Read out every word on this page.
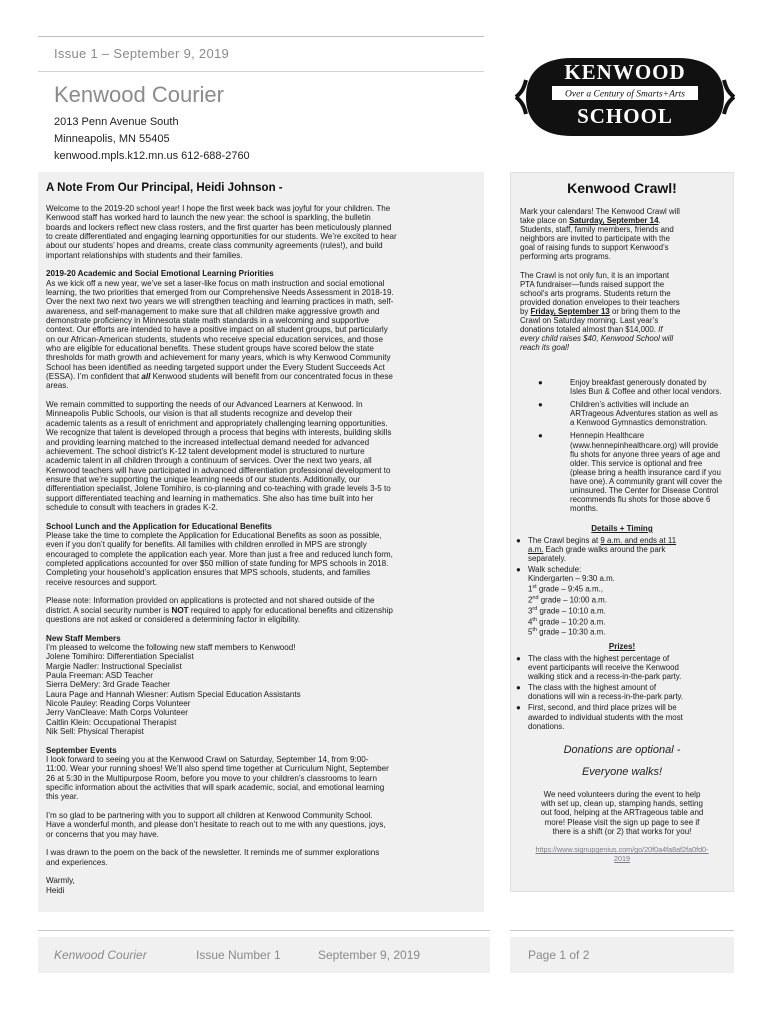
Issue 1 – September 9, 2019
Kenwood Courier
2013 Penn Avenue South
Minneapolis, MN 55405
kenwood.mpls.k12.mn.us 612-688-2760
KENWOOD
Over a Century of Smarts+Arts
SCHOOL
A Note From Our Principal, Heidi Johnson -

Welcome to the 2019-20 school year! I hope the first week back was joyful for your children. The
Kenwood staff has worked hard to launch the new year: the school is sparkling, the bulletin
boards and lockers reflect new class rosters, and the first quarter has been meticulously planned
to create differentiated and engaging learning opportunities for our students. We’re excited to hear
about our students’ hopes and dreams, create class community agreements (rules!), and build
important relationships with students and their families.

2019-20 Academic and Social Emotional Learning Priorities
As we kick off a new year, we’ve set a laser-like focus on math instruction and social emotional
learning, the two priorities that emerged from our Comprehensive Needs Assessment in 2018-19.
Over the next two next two years we will strengthen teaching and learning practices in math, self-
awareness, and self-management to make sure that all children make aggressive growth and
demonstrate proficiency in Minnesota state math standards in a welcoming and supportive
context. Our efforts are intended to have a positive impact on all student groups, but particularly
on our African-American students, students who receive special education services, and those
who are eligible for educational benefits. These student groups have scored below the state
thresholds for math growth and achievement for many years, which is why Kenwood Community
School has been identified as needing targeted support under the Every Student Succeeds Act
(ESSA). I’m confident that all Kenwood students will benefit from our concentrated focus in these
areas.

We remain committed to supporting the needs of our Advanced Learners at Kenwood. In
Minneapolis Public Schools, our vision is that all students recognize and develop their
academic talents as a result of enrichment and appropriately challenging learning opportunities.
We recognize that talent is developed through a process that begins with interests, building skills
and providing learning matched to the increased intellectual demand needed for advanced
achievement. The school district’s K-12 talent development model is structured to nurture
academic talent in all children through a continuum of services. Over the next two years, all
Kenwood teachers will have participated in advanced differentiation professional development to
ensure that we’re supporting the unique learning needs of our students. Additionally, our
differentiation specialist, Jolene Tomihiro, is co-planning and co-teaching with grade levels 3-5 to
support differentiated teaching and learning in mathematics. She also has time built into her
schedule to consult with teachers in grades K-2.

School Lunch and the Application for Educational Benefits
Please take the time to complete the Application for Educational Benefits as soon as possible,
even if you don’t qualify for benefits. All families with children enrolled in MPS are strongly
encouraged to complete the application each year. More than just a free and reduced lunch form,
completed applications accounted for over $50 million of state funding for MPS schools in 2018.
Completing your household’s application ensures that MPS schools, students, and families
receive resources and support.

Please note: Information provided on applications is protected and not shared outside of the
district. A social security number is NOT required to apply for educational benefits and citizenship
questions are not asked or considered a determining factor in eligibility.

New Staff Members
I’m pleased to welcome the following new staff members to Kenwood!
Jolene Tomihiro: Differentiation Specialist
Margie Nadler: Instructional Specialist
Paula Freeman: ASD Teacher
Sierra DeMery: 3rd Grade Teacher
Laura Page and Hannah Wiesner: Autism Special Education Assistants
Nicole Pauley: Reading Corps Volunteer
Jerry VanCleave: Math Corps Volunteer
Caitlin Klein: Occupational Therapist
Nik Sell: Physical Therapist

September Events
I look forward to seeing you at the Kenwood Crawl on Saturday, September 14, from 9:00-
11:00. Wear your running shoes! We’ll also spend time together at Curriculum Night, September
26 at 5:30 in the Multipurpose Room, before you move to your children’s classrooms to learn
specific information about the activities that will spark academic, social, and emotional learning
this year.

I’m so glad to be partnering with you to support all children at Kenwood Community School.
Have a wonderful month, and please don’t hesitate to reach out to me with any questions, joys,
or concerns that you may have.

I was drawn to the poem on the back of the newsletter. It reminds me of summer explorations
and experiences.

Warmly,
Heidi

Kenwood Crawl!

Mark your calendars! The Kenwood Crawl will
take place on Saturday, September 14.
Students, staff, family members, friends and
neighbors are invited to participate with the
goal of raising funds to support Kenwood’s
performing arts programs.

The Crawl is not only fun, it is an important
PTA fundraiser—funds raised support the
school's arts programs. Students return the
provided donation envelopes to their teachers
by Friday, September 13 or bring them to the
Crawl on Saturday morning. Last year’s
donations totaled almost than $14,000. If
every child raises $40, Kenwood School will
reach its goal!

●	Enjoy breakfast generously donated by
Isles Bun & Coffee and other local vendors.
●	Children’s activities will include an
ARTrageous Adventures station as well as
a Kenwood Gymnastics demonstration.
●	Hennepin Healthcare
(www.hennepinhealthcare.org) will provide
flu shots for anyone three years of age and
older. This service is optional and free
(please bring a health insurance card if you
have one). A community grant will cover the
uninsured. The Center for Disease Control
recommends flu shots for those above 6
months.
Details + Timing
● The Crawl begins at 9 a.m. and ends at 11
a.m. Each grade walks around the park
separately.
● Walk schedule:
Kindergarten – 9:30 a.m.
1st grade – 9:45 a.m.,
2nd grade – 10:00 a.m.
3rd grade – 10:10 a.m.
4th grade – 10:20 a.m.
5th grade – 10:30 a.m.
Prizes!
● The class with the highest percentage of
event participants will receive the Kenwood
walking stick and a recess-in-the-park party.
● The class with the highest amount of
donations will win a recess-in-the-park party.
● First, second, and third place prizes will be
awarded to individual students with the most
donations.
Donations are optional -
Everyone walks!
We need volunteers during the event to help
with set up, clean up, stamping hands, setting
out food, helping at the ARTrageous table and
more! Please visit the sign up page to see if
there is a shift (or 2) that works for you!
https://www.signupgenius.com/go/20f0a4fa8af2fa0fd0-
2019
Kenwood Courier	Issue Number 1	September 9, 2019	Page 1 of 2
